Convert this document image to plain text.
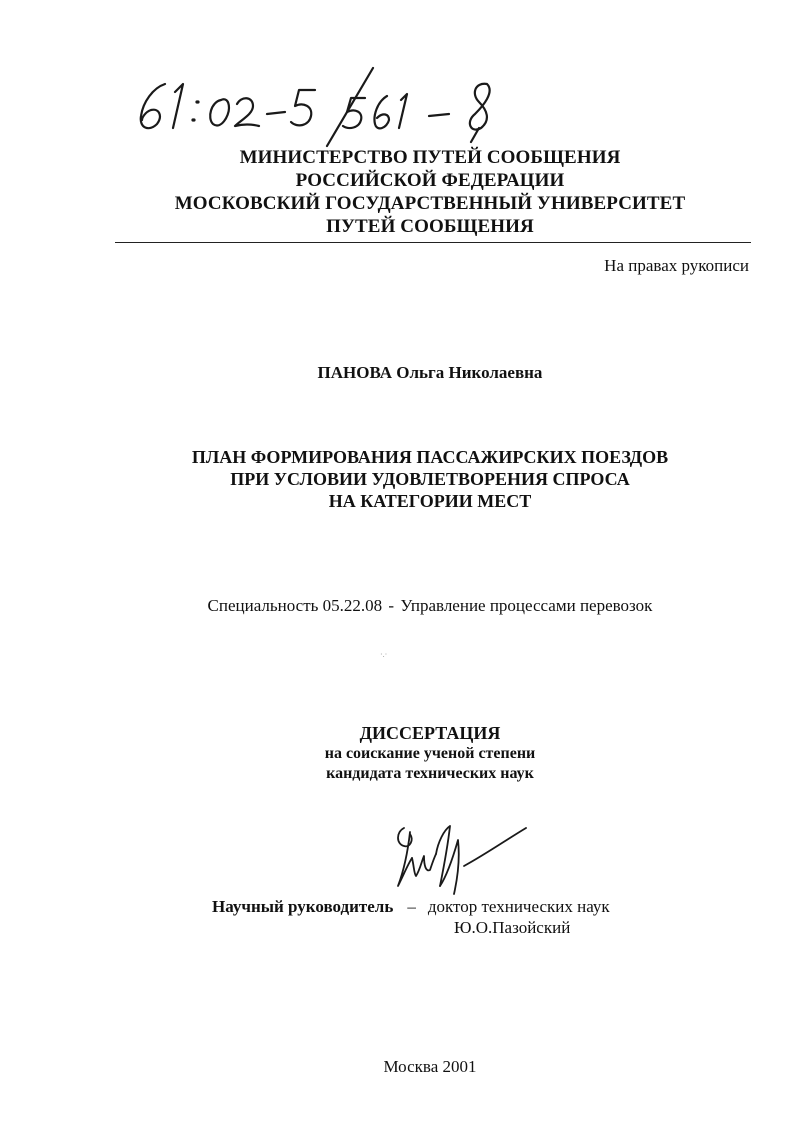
МИНИСТЕРСТВО ПУТЕЙ СООБЩЕНИЯ
РОССИЙСКОЙ ФЕДЕРАЦИИ
МОСКОВСКИЙ ГОСУДАРСТВЕННЫЙ УНИВЕРСИТЕТ
ПУТЕЙ СООБЩЕНИЯ
На правах рукописи
ПАНОВА Ольга Николаевна
ПЛАН ФОРМИРОВАНИЯ ПАССАЖИРСКИХ ПОЕЗДОВ
ПРИ УСЛОВИИ УДОВЛЕТВОРЕНИЯ СПРОСА
НА КАТЕГОРИИ МЕСТ
Специальность 05.22.08 - Управление процессами перевозок
·.·
ДИССЕРТАЦИЯ
на соискание ученой степени
кандидата технических наук
Научный руководитель – доктор технических наук
Ю.О.Пазойский
Москва 2001
